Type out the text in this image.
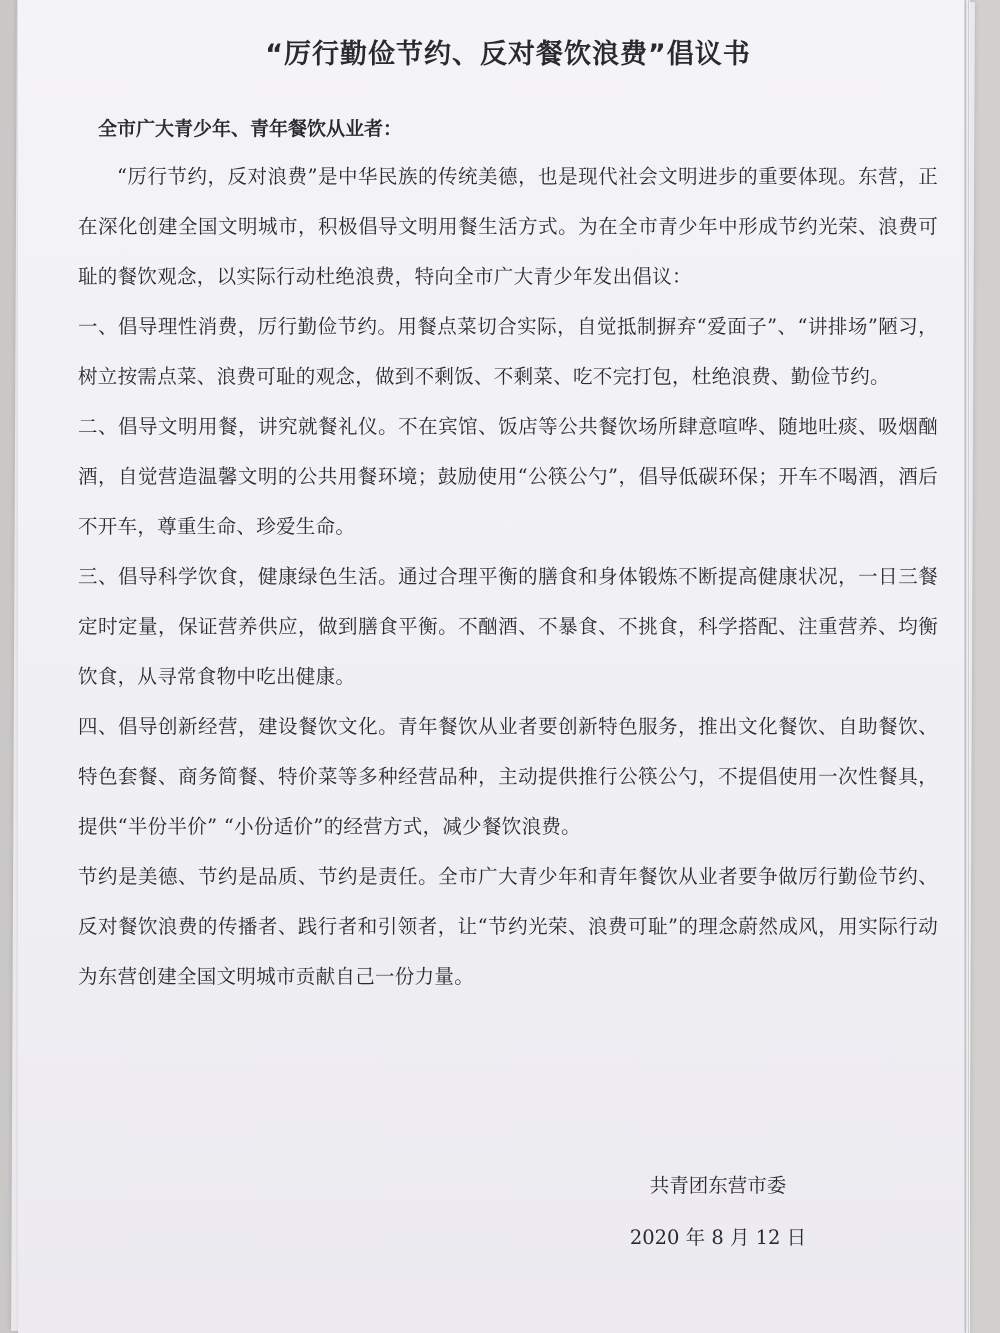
“厉行勤俭节约、反对餐饮浪费”倡议书
全市广大青少年、青年餐饮从业者：

“厉行节约，反对浪费”是中华民族的传统美德，也是现代社会文明进步的重要体现。东营，正在深化创建全国文明城市，积极倡导文明用餐生活方式。为在全市青少年中形成节约光荣、浪费可耻的餐饮观念，以实际行动杜绝浪费，特向全市广大青少年发出倡议：

一、倡导理性消费，厉行勤俭节约。用餐点菜切合实际，自觉抵制摒弃“爱面子”、“讲排场”陋习，树立按需点菜、浪费可耻的观念，做到不剩饭、不剩菜、吃不完打包，杜绝浪费、勤俭节约。

二、倡导文明用餐，讲究就餐礼仪。不在宾馆、饭店等公共餐饮场所肆意喧哗、随地吐痰、吸烟酗酒，自觉营造温馨文明的公共用餐环境；鼓励使用“公筷公勺”，倡导低碳环保；开车不喝酒，酒后不开车，尊重生命、珍爱生命。

三、倡导科学饮食，健康绿色生活。通过合理平衡的膳食和身体锻炼不断提高健康状况，一日三餐定时定量，保证营养供应，做到膳食平衡。不酗酒、不暴食、不挑食，科学搭配、注重营养、均衡饮食，从寻常食物中吃出健康。

四、倡导创新经营，建设餐饮文化。青年餐饮从业者要创新特色服务，推出文化餐饮、自助餐饮、特色套餐、商务简餐、特价菜等多种经营品种，主动提供推行公筷公勺，不提倡使用一次性餐具，提供“半份半价” “小份适价”的经营方式，减少餐饮浪费。

节约是美德、节约是品质、节约是责任。全市广大青少年和青年餐饮从业者要争做厉行勤俭节约、反对餐饮浪费的传播者、践行者和引领者，让“节约光荣、浪费可耻”的理念蔚然成风，用实际行动为东营创建全国文明城市贡献自己一份力量。

共青团东营市委
2020 年 8 月 12 日
